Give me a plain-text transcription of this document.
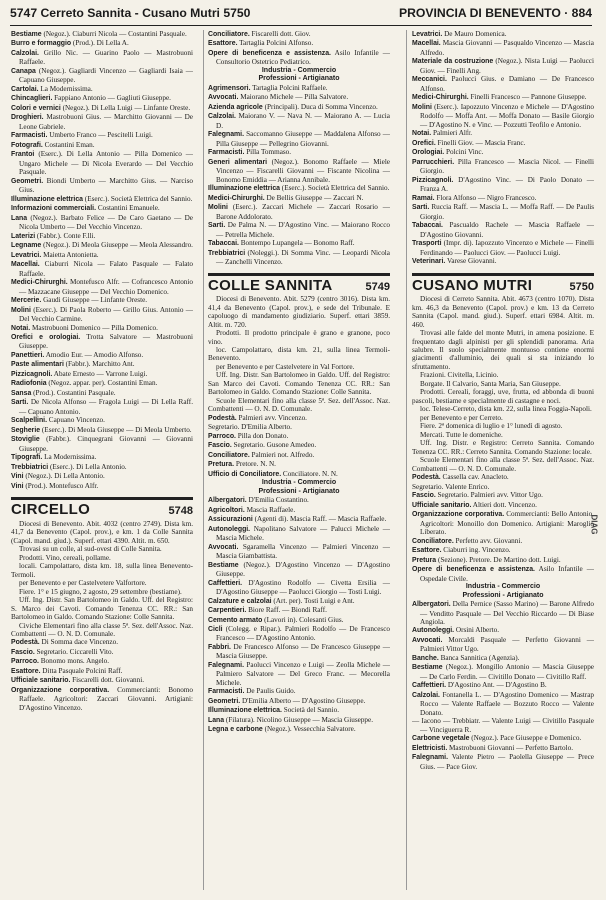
5747 Cerreto Sannita - Cusano Mutri 5750	PROVINCIA DI BENEVENTO · 884

Bestiame (Negoz.). Ciaburri Nicola — Costantini Pasquale.

Burro e formaggio (Prod.). Di Lella A.

Calzolai. Grillo Nic. — Guarino Paolo — Mastrobuoni Raffaele.

Canapa (Negoz.). Gagliardi Vincenzo — Gagliardi Isaia — Capuano Giuseppe.

Cartolai. La Modernissima.

Chincaglieri. Fappiano Antonio — Gagliuti Giuseppe.

Colori e vernici (Negoz.). Di Lella Luigi — Linfante Oreste.

Droghieri. Mastrobuoni Gius. — Marchitto Giovanni — De Leone Gabriele.

Farmacisti. Umberto Franco — Pescitelli Luigi.

Fotografi. Costantini Eman.

Frantoi (Eserc.). Di Lella Antonio — Pilla Domenico — Ungaro Michele — Di Nicola Everardo — Del Vecchio Pasquale.

Geometri. Biondi Umberto — Marchitto Gius. — Narciso Gius.

Illuminazione elettrica (Eserc.). Società Elettrica del Sannio.

Informazioni commerciali. Costantini Emanuele.

Lana (Negoz.). Barbato Felice — De Caro Gaetano — De Nicola Umberto — Del Vecchio Vincenzo.

Laterizi (Fabbr.). Conte F.lli.

Legname (Negoz.). Di Meola Giuseppe — Meola Alessandro.

Levatrici. Maietta Antonietta.

Macellai. Ciaburri Nicola — Falato Pasquale — Falato Raffaele.

Medici-Chirurghi. Montefusco Alfr. — Cofrancesco Antonio — Mazzacane Giuseppe — Del Vecchio Domenico.

Mercerie. Gaudi Giuseppe — Linfante Oreste.

Molini (Eserc.). Di Paola Roberto — Grillo Gius. Antonio — Del Vecchio Carmine.

Notai. Mastrobuoni Domenico — Pilla Domenico.

Orefici e orologiai. Trotta Salvatore — Mastrobuoni Giuseppe.

Panettieri. Amodio Eur. — Amodio Alfonso.

Paste alimentari (Fabbr.). Marchitto Ant.

Pizzicagnoli. Abate Ernesto — Varrone Luigi.

Radiofonia (Negoz. appar. per). Costantini Eman.

Sansa (Prod.). Costantini Pasquale.

Sarti. De Nicola Alfonso — Fragola Luigi — Di Lella Raff. — Capuano Antonio.

Scalpellini. Capuano Vincenzo.

Segherie (Eserc.). Di Meola Giuseppe — Di Meola Umberto.

Stoviglie (Fabbr.). Cinquegrani Giovanni — Giovanni Giuseppe.

Tipografi. La Modernissima.

Trebbiatrici (Eserc.). Di Lella Antonio.

Vini (Negoz.). Di Lella Antonio.

Vini (Prod.). Montefusco Alfr.

CIRCELLO	5748

Diocesi di Benevento. Abit. 4032 (centro 2749). Dista km. 41,7 da Benevento (Capol. prov.), e km. 1 da Colle Sannita (Capol. mand. giud.). Superf. ettari 4390. Altit. m. 650.

Trovasi su un colle, al sud-ovest di Colle Sannita.

Prodotti. Vino, cereali, pollame.

locali. Campolattaro, dista km. 18, sulla linea Benevento-Termoli.

per Benevento e per Castelvetere Valfortore.

Fiere. 1° e 15 giugno, 2 agosto, 29 settembre (bestiame).

Uff. Ing. Distr. San Bartolomeo in Galdo. Uff. del Registro: S. Marco dei Cavoti. Comando Tenenza CC. RR.: San Bartolomeo in Galdo. Comando Stazione: Colle Sannita.

Civiche Elementari fino alla classe 5ª. Sez. dell'Assoc. Naz. Combattenti — O. N. D. Comunale.

Podestà. Di Somma dace Vincenzo.

Fascio. Segretario. Ciccarelli Vito.

Parroco. Bonomo mons. Angelo.

Esattore. Ditta Pasquale Polcini Raff.

Ufficiale sanitario. Fiscarelli dott. Giovanni.

Organizzazione corporativa. Commercianti: Bonomo Raffaele. Agricoltori: Zaccari Giovanni. Artigiani: D'Agostino Vincenzo.

Conciliatore. Fiscarelli dott. Giov.

Esattore. Tartaglia Polcini Alfonso.

Opere di beneficenza e assistenza. Asilo Infantile — Consultorio Ostetrico Pediatrico.

Industria - Commercio

Professioni - Artigianato

Agrimensori. Tartaglia Polcini Raffaele.

Avvocati. Maiorano Michele — Pilla Salvatore.

Azienda agricole (Principali). Duca di Somma Vincenzo.

Calzolai. Maiorano V. — Nava N. — Maiorano A. — Lucia D.

Falegnami. Saccomanno Giuseppe — Maddalena Alfonso — Pilla Giuseppe — Pellegrino Giovanni.

Farmacisti. Pilla Tommaso.

Generi alimentari (Negoz.). Bonomo Raffaele — Miele Vincenzo — Fiscarelli Giovanni — Fiscante Nicolina — Bonomo Emiddia — Arianna Annibale.

Illuminazione elettrica (Eserc.). Società Elettrica del Sannio.

Medici-Chirurghi. De Bellis Giuseppe — Zaccari N.

Molini (Eserc.). Zaccari Michele — Zaccari Rosario — Barone Addolorato.

Sarti. De Palma N. — D'Agostino Vinc. — Maiorano Rocco — Petrella Michele.

Tabaccai. Bontempo Lupangela — Bonomo Raff.

Trebbiatrici (Noleggi.). Di Somma Vinc. — Leopardi Nicola — Zanchelli Vincenzo.

COLLE SANNITA	5749

Diocesi di Benevento. Abit. 5279 (centro 3016). Dista km. 41,4 da Benevento (Capol. prov.), e sede del Tribunale. E capoluogo di mandamento giudiziario. Superf. ettari 3859. Altit. m. 720.

Prodotti. Il prodotto principale è grano e granone, poco vino.

loc. Campolattaro, dista km. 21, sulla linea Termoli-Benevento.

per Benevento e per Castelvetere in Val Fortore.

Uff. Ing. Distr. San Bartolomeo in Galdo. Uff. del Registro: San Marco dei Cavoti. Comando Tenenza CC. RR.: San Bartolomeo in Galdo. Comando Stazione: Colle Sannita.

Scuole Elementari fino alla classe 5ª. Sez. dell'Assoc. Naz. Combattenti — O. N. D. Comunale.

Podestà. Palmieri avv. Vincenzo.

Segretario. D'Emilia Alberto.

Parroco. Pilla don Donato.

Fascio. Segretario. Gusone Amedeo.

Conciliatore. Palmieri not. Alfredo.

Pretura. Pretore. N. N.

Ufficio di Conciliatore. Conciliatore. N. N.

Industria - Commercio

Professioni - Artigianato

Albergatori. D'Emilia Costantino.

Agricoltori. Mascia Raffaele.

Assicurazioni (Agenti di). Mascia Raff. — Mascia Raffaele.

Autonoleggi. Napolitano Salvatore — Palucci Michele — Mascia Michele.

Avvocati. Sgaramella Vincenzo — Palmieri Vincenzo — Mascia Giambattista.

Bestiame (Negoz.). D'Agostino Vincenzo — D'Agostino Giuseppe.

Caffettieri. D'Agostino Rodolfo — Civetta Ersilia — D'Agostino Giuseppe — Paolucci Giorgio — Tosti Luigi.

Calzature e calzolai (Art. per). Tosti Luigi e Ant.

Carpentieri. Biore Raff. — Biondi Raff.

Cemento armato (Lavori in). Colesanti Gius.

Cicli (Colegg. e Ripar.). Palmieri Rodolfo — De Francesco Francesco — D'Agostino Antonio.

Fabbri. De Francesco Alfonso — De Francesco Giuseppe — Mascia Giuseppe.

Falegnami. Paolucci Vincenzo e Luigi — Zeolla Michele — Palmiero Salvatore — Del Greco Franc. — Mecorella Michele.

Farmacisti. De Paulis Guido.

Geometri. D'Emilia Alberto — D'Agostino Giuseppe.

Illuminazione elettrica. Società del Sannio.

Lana (Filatura). Nicolino Giuseppe — Mascia Giuseppe.

Legna e carbone (Negoz.). Vessecchia Salvatore.

Levatrici. De Mauro Domenica.

Macellai. Mascia Giovanni — Pasqualdo Vincenzo — Mascia Alfredo.

Materiale da costruzione (Negoz.). Nista Luigi — Paolucci Giov. — Finelli Ang.

Meccanici. Paolucci Gius. e Damiano — De Francesco Alfonso.

Medici-Chirurghi. Finelli Francesco — Pannone Giuseppe.

Molini (Eserc.). Iapozzuto Vincenzo e Michele — D'Agostino Rodolfo — Moffa Ant. — Moffa Donato — Basile Giorgio — D'Agostino N. e Vinc. — Pozzutti Teofilo e Antonio.

Notai. Palmieri Alfr.

Orefici. Finelli Giov. — Mascia Franc.

Orologiai. Polcini Vinc.

Parrucchieri. Pilla Francesco — Mascia Nicol. — Finelli Giorgio.

Pizzicagnoli. D'Agostino Vinc. — Di Paolo Donato — Franza A.

Ramai. Flora Alfonso — Nigro Francesco.

Sarti. Ruccia Raff. — Mascia L. — Moffa Raff. — De Paulis Giorgio.

Tabaccai. Pascualdo Rachele — Mascia Raffaele — D'Agostino Giovanni.

Trasporti (Impr. di). Iapozzuto Vincenzo e Michele — Finelli Ferdinando — Paolucci Giov. — Paolucci Luigi.

Veterinari. Varese Giovanni.

CUSANO MUTRI	5750

Diocesi di Cerreto Sannita. Abit. 4673 (centro 1070). Dista km. 46,3 da Benevento (Capol. prov.) e km. 13 da Cerreto Sannita (Capol. mand. giud.). Superf. ettari 6984. Altit. m. 460.

Trovasi alle falde del monte Mutri, in amena posizione. E frequentato dagli alpinisti per gli splendidi panorama. Aria salubre. Il suolo specialmente montuoso contiene enormi giacimenti d'alluminio, dei quali si sta iniziando lo sfruttamento.

Frazioni. Civitella, Licinio.

Borgate. Il Calvario, Santa Maria, San Giuseppe.

Prodotti. Cereali, foraggi, uve, frutta, ed abbonda di buoni pascoli, bestiame e specialmente di castagne e noci.

loc. Telese-Cerreto, dista km. 22, sulla linea Foggia-Napoli.

per Benevento e per Cerreto.

Fiere. 2ª domenica di luglio e 1° lunedì di agosto.

Mercati. Tutte le domeniche.

Uff. Ing. Distr. e Registro: Cerreto Sannita. Comando Tenenza CC. RR.: Cerreto Sannita. Comando Stazione: locale.

Scuole Elementari fino alla classe 5ª. Sez. dell'Assoc. Naz. Combattenti — O. N. D. Comunale.

Podestà. Cassella cav. Anacleto.

Segretario. Valente Enrico.

Fascio. Segretario. Palmieri avv. Vittor Ugo.

Ufficiale sanitario. Altieri dott. Vincenzo.

Organizzazione corporativa. Commercianti: Bello Antonio. Agricoltori: Monoillo don Domenico. Artigiani: Maroglio Liberato.

Conciliatore. Perfetto avv. Giovanni.

Esattore. Ciaburri ing. Vincenzo.

Pretura (Sezione). Pretore. De Martino dott. Luigi.

Opere di beneficenza e assistenza. Asilo Infantile — Ospedale Civile.

Industria - Commercio

Professioni - Artigianato

Albergatori. Della Pernice (Sasso Marino) — Barone Alfredo — Venditto Pasquale — Del Vecchio Riccardo — Di Biase Angiola.

Autonoleggi. Orsini Alberto.

Avvocati. Morcaldi Pasquale — Perfetto Giovanni — Palmieri Vittor Ugo.

Banche. Banca Sannitica (Agenzia).

Bestiame (Negoz.). Mongillo Antonio — Mascia Giuseppe — De Carlo Ferdin. — Civitillo Donato — Civitillo Raff.

Caffettieri. D'Agostino Ant. — D'Agostino B.

Calzolai. Fontanella L. — D'Agostino Domenico — Mastrap Rocco — Valente Raffaele — Bozzuto Rocco — Valente Donato.

— Iacono — Trebbiatr. — Valente Luigi — Civitillo Pasquale — Vinciguerra R.

Carbone vegetale (Negoz.). Pace Giuseppe e Domenico.

Elettricisti. Mastrobuoni Giovanni — Perfetto Bartolo.

Falegnami. Valente Pietro — Paolella Giuseppe — Prece Gius. — Pace Giov.

DIAG
